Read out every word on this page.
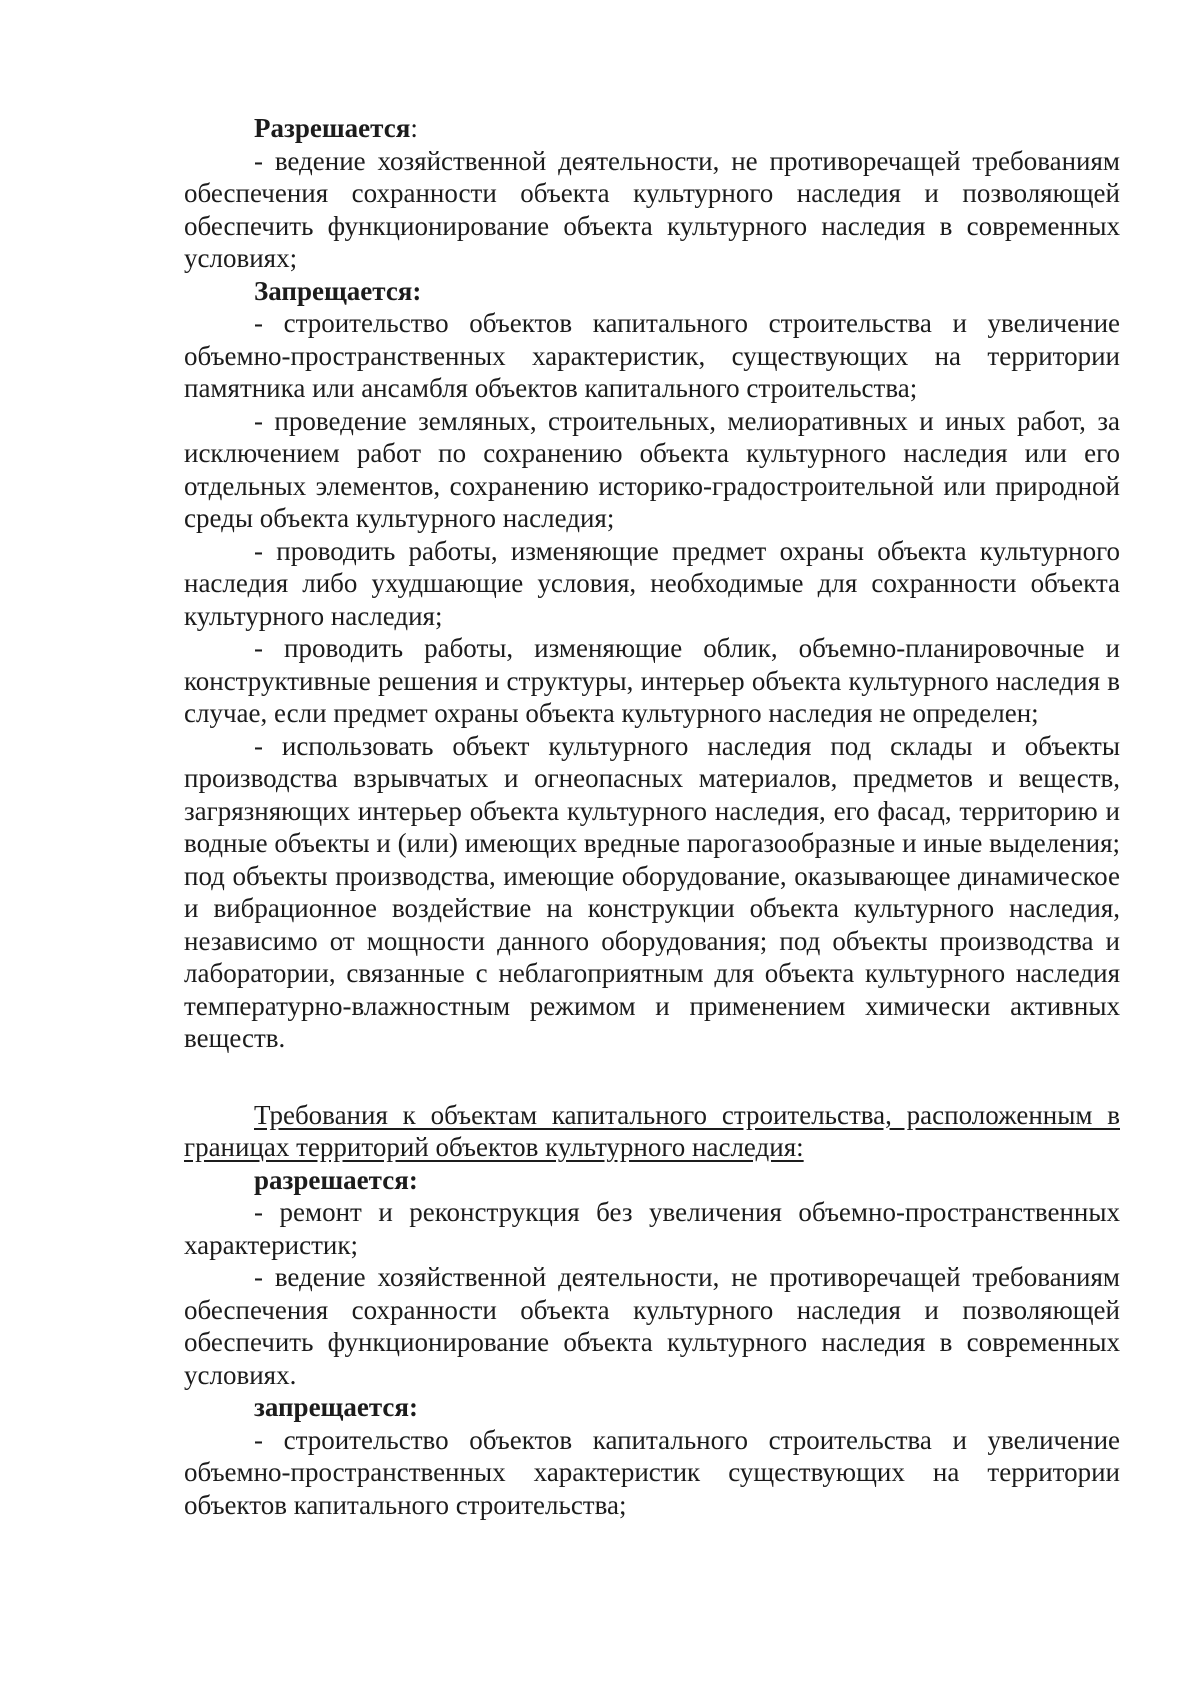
Разрешается:

- ведение хозяйственной деятельности, не противоречащей требованиям обеспечения сохранности объекта культурного наследия и позволяющей обеспечить функционирование объекта культурного наследия в современных условиях;

Запрещается:

- строительство объектов капитального строительства и увеличение объемно-пространственных характеристик, существующих на территории памятника или ансамбля объектов капитального строительства;

- проведение земляных, строительных, мелиоративных и иных работ, за исключением работ по сохранению объекта культурного наследия или его отдельных элементов, сохранению историко-градостроительной или природной среды объекта культурного наследия;

- проводить работы, изменяющие предмет охраны объекта культурного наследия либо ухудшающие условия, необходимые для сохранности объекта культурного наследия;

- проводить работы, изменяющие облик, объемно-планировочные и конструктивные решения и структуры, интерьер объекта культурного наследия в случае, если предмет охраны объекта культурного наследия не определен;

- использовать объект культурного наследия под склады и объекты производства взрывчатых и огнеопасных материалов, предметов и веществ, загрязняющих интерьер объекта культурного наследия, его фасад, территорию и водные объекты и (или) имеющих вредные парогазообразные и иные выделения; под объекты производства, имеющие оборудование, оказывающее динамическое и вибрационное воздействие на конструкции объекта культурного наследия, независимо от мощности данного оборудования; под объекты производства и лаборатории, связанные с неблагоприятным для объекта культурного наследия температурно-влажностным режимом и применением химически активных веществ.

Требования к объектам капитального строительства, расположенным в границах территорий объектов культурного наследия:

разрешается:

- ремонт и реконструкция без увеличения объемно-пространственных характеристик;

- ведение хозяйственной деятельности, не противоречащей требованиям обеспечения сохранности объекта культурного наследия и позволяющей обеспечить функционирование объекта культурного наследия в современных условиях.

запрещается:

- строительство объектов капитального строительства и увеличение объемно-пространственных характеристик существующих на территории объектов капитального строительства;
